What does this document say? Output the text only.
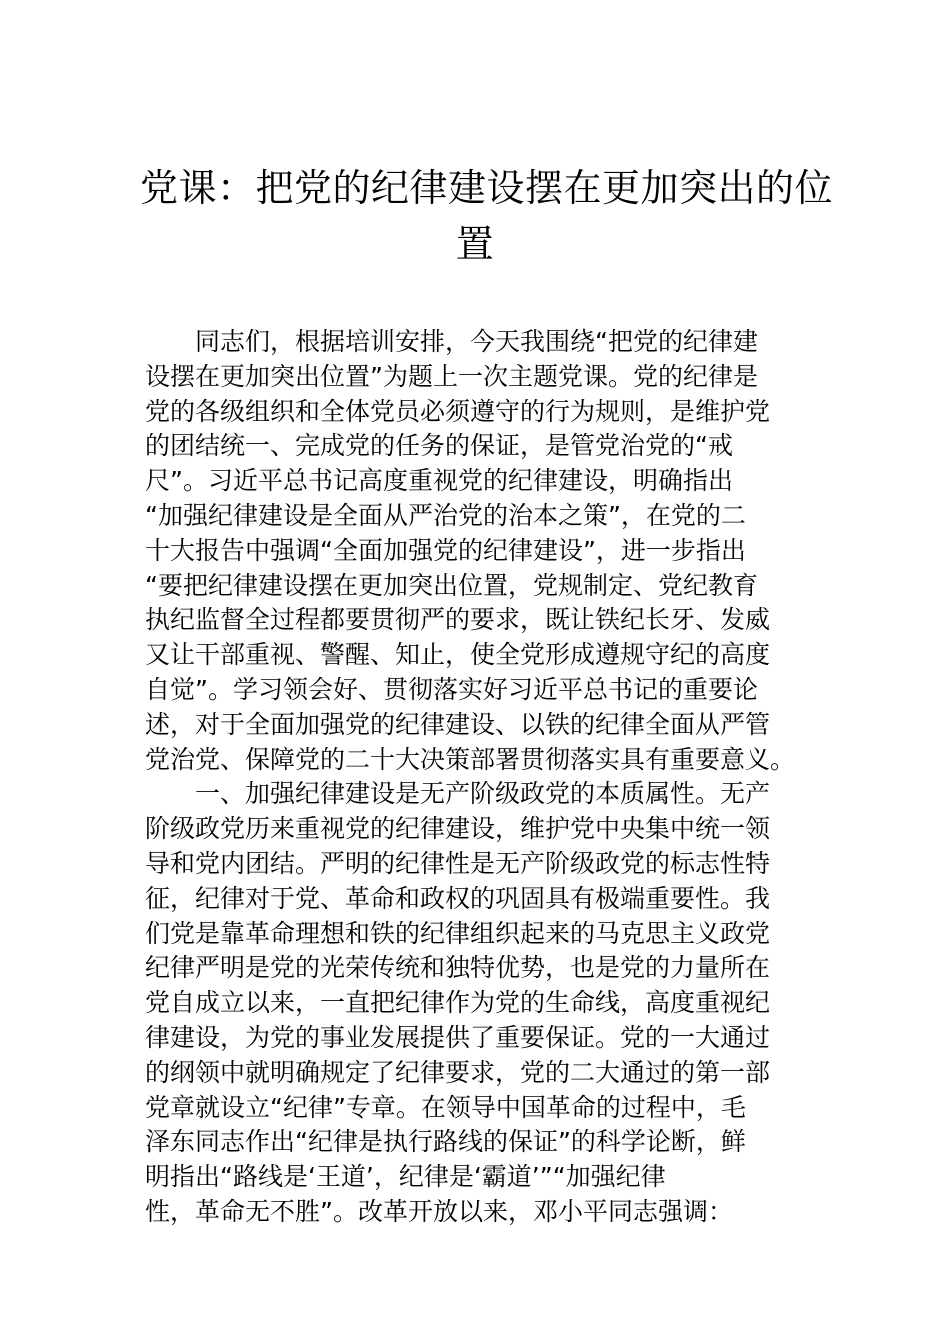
党课：把党的纪律建设摆在更加突出的位
置
同志们，根据培训安排，今天我围绕“把党的纪律建
设摆在更加突出位置”为题上一次主题党课。党的纪律是
党的各级组织和全体党员必须遵守的行为规则，是维护党
的团结统一、完成党的任务的保证，是管党治党的“戒
尺”。习近平总书记高度重视党的纪律建设，明确指出
“加强纪律建设是全面从严治党的治本之策”，在党的二
十大报告中强调“全面加强党的纪律建设”，进一步指出
“要把纪律建设摆在更加突出位置，党规制定、党纪教育
执纪监督全过程都要贯彻严的要求，既让铁纪长牙、发威
又让干部重视、警醒、知止，使全党形成遵规守纪的高度
自觉”。学习领会好、贯彻落实好习近平总书记的重要论
述，对于全面加强党的纪律建设、以铁的纪律全面从严管
党治党、保障党的二十大决策部署贯彻落实具有重要意义。
一、加强纪律建设是无产阶级政党的本质属性。无产
阶级政党历来重视党的纪律建设，维护党中央集中统一领
导和党内团结。严明的纪律性是无产阶级政党的标志性特
征，纪律对于党、革命和政权的巩固具有极端重要性。我
们党是靠革命理想和铁的纪律组织起来的马克思主义政党
纪律严明是党的光荣传统和独特优势，也是党的力量所在
党自成立以来，一直把纪律作为党的生命线，高度重视纪
律建设，为党的事业发展提供了重要保证。党的一大通过
的纲领中就明确规定了纪律要求，党的二大通过的第一部
党章就设立“纪律”专章。在领导中国革命的过程中，毛
泽东同志作出“纪律是执行路线的保证”的科学论断，鲜
明指出“路线是‘王道’，纪律是‘霸道’”“加强纪律
性，革命无不胜”。改革开放以来，邓小平同志强调：
